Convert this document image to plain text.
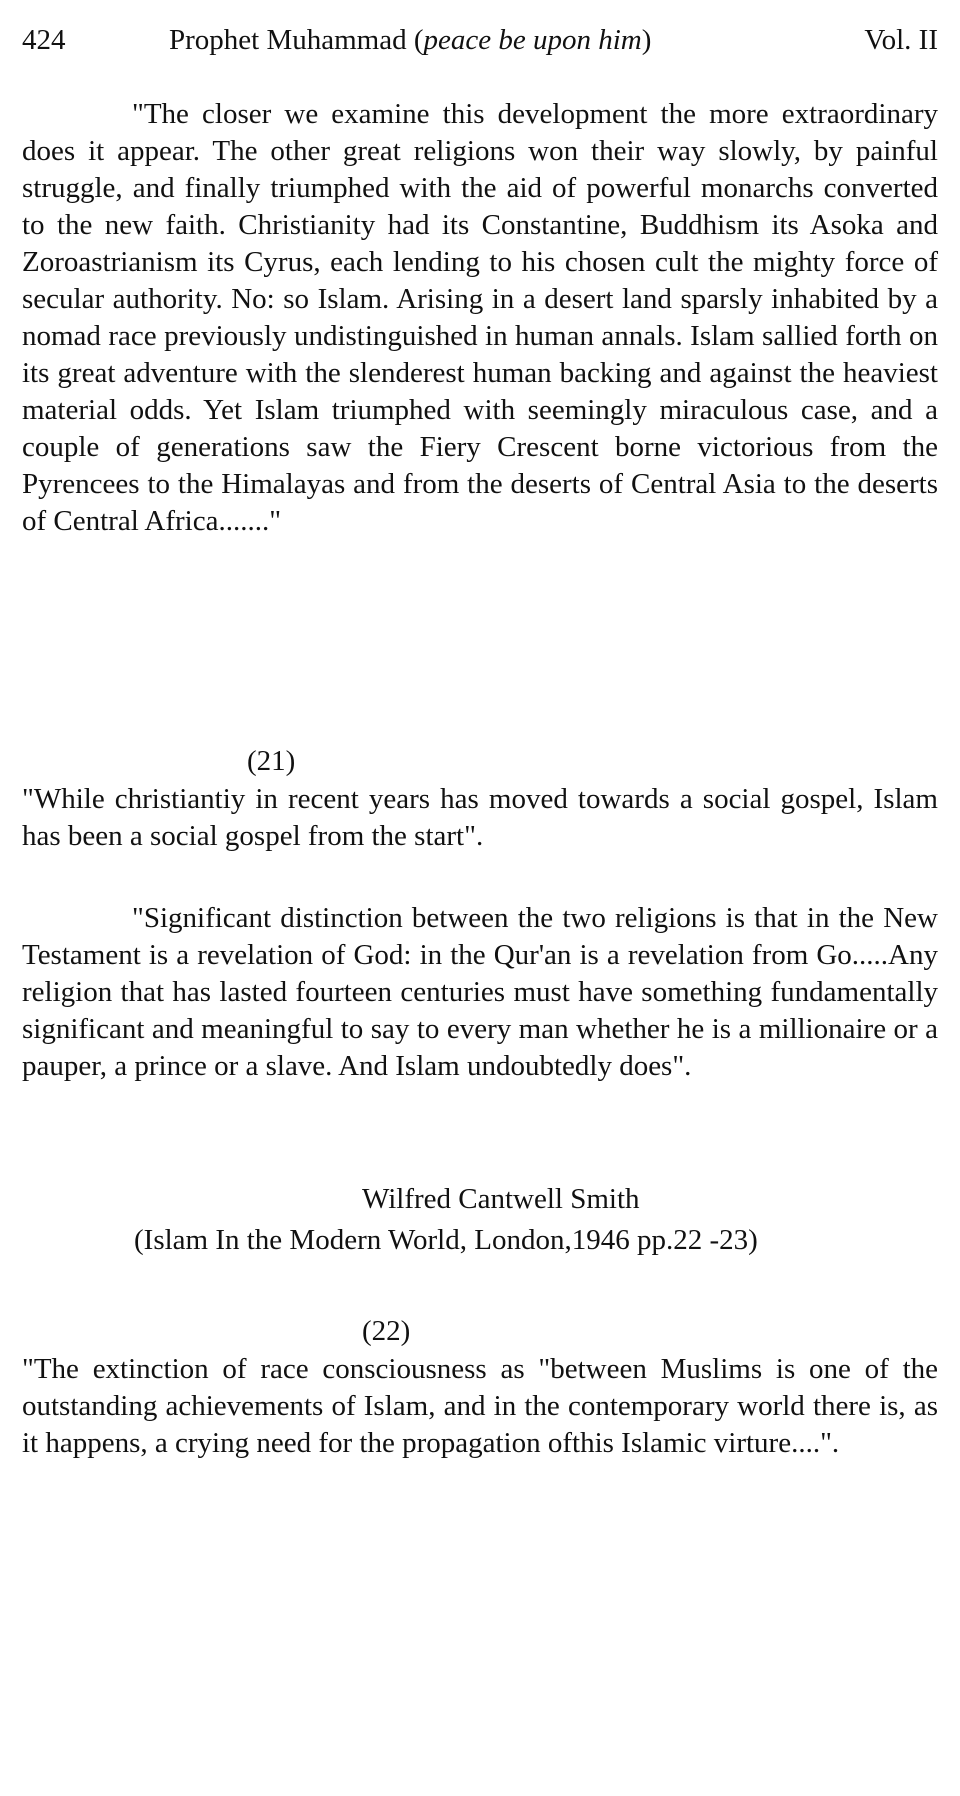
424	Prophet Muhammad (peace be upon him)	Vol. II

"The closer we examine this development the more extraordinary does it appear. The other great religions won their way slowly, by painful struggle, and finally triumphed with the aid of powerful monarchs converted to the new faith. Christianity had its Constantine, Buddhism its Asoka and Zoroastrianism its Cyrus, each lending to his chosen cult the mighty force of secular authority. No: so Islam. Arising in a desert land sparsly inhabited by a nomad race previously undistinguished in human annals. Islam sallied forth on its great adventure with the slenderest human backing and against the heaviest material odds. Yet Islam triumphed with seemingly miraculous case, and a couple of generations saw the Fiery Crescent borne victorious from the Pyrencees to the Himalayas and from the deserts of Central Asia to the deserts of Central Africa......."

(21)

"While christiantiy in recent years has moved towards a social gospel, Islam has been a social gospel from the start".

"Significant distinction between the two religions is that in the New Testament is a revelation of God: in the Qur'an is a revelation from Go.....Any religion that has lasted fourteen centuries must have something fundamentally significant and meaningful to say to every man whether he is a millionaire or a pauper, a prince or a slave. And Islam undoubtedly does".

Wilfred Cantwell Smith

(Islam In the Modern World, London,1946 pp.22 -23)

(22)

"The extinction of race consciousness as "between Muslims is one of the outstanding achievements of Islam, and in the contemporary world there is, as it happens, a crying need for the propagation ofthis Islamic virture....".
